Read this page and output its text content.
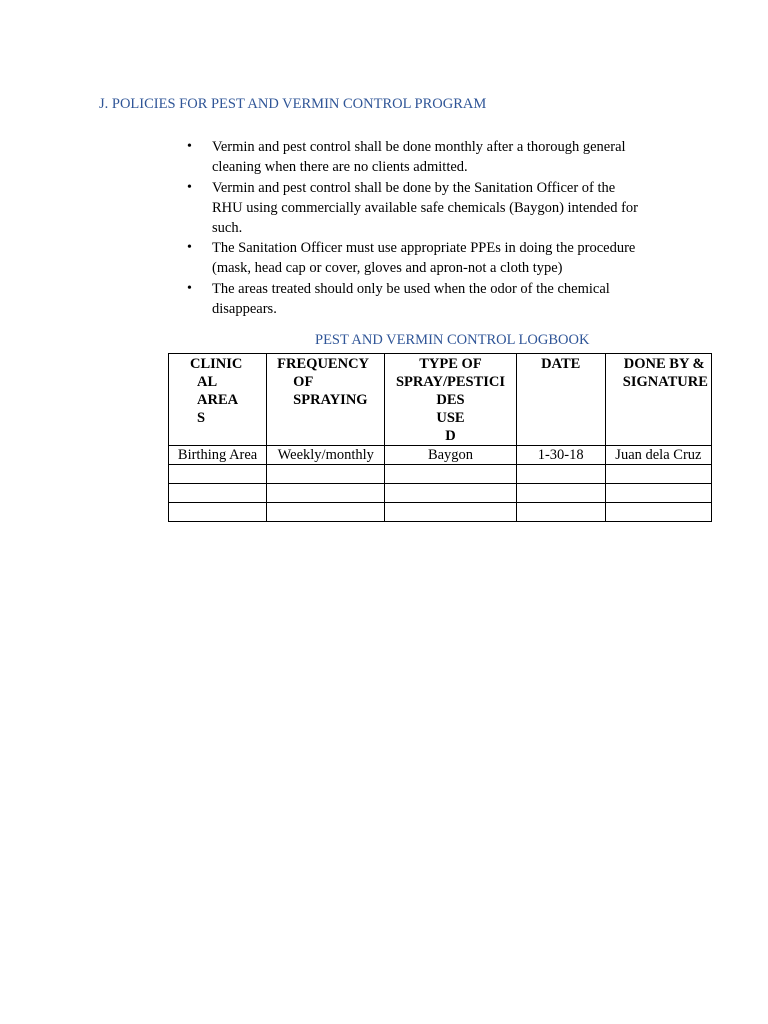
J. POLICIES FOR PEST AND VERMIN CONTROL PROGRAM
• Vermin and pest control shall be done monthly after a thorough general cleaning when there are no clients admitted.
• Vermin and pest control shall be done by the Sanitation Officer of the RHU using commercially available safe chemicals (Baygon) intended for such.
• The Sanitation Officer must use appropriate PPEs in doing the procedure (mask, head cap or cover, gloves and apron-not a cloth type)
• The areas treated should only be used when the odor of the chemical disappears.
PEST AND VERMIN CONTROL LOGBOOK
CLINIC
AL
AREA
S	FREQUENCY
OF
SPRAYING	TYPE OF
SPRAY/PESTICI
DES
USE
D	DATE	DONE BY &
SIGNATURE

Birthing Area	Weekly/monthly	Baygon	1-30-18	Juan dela Cruz
